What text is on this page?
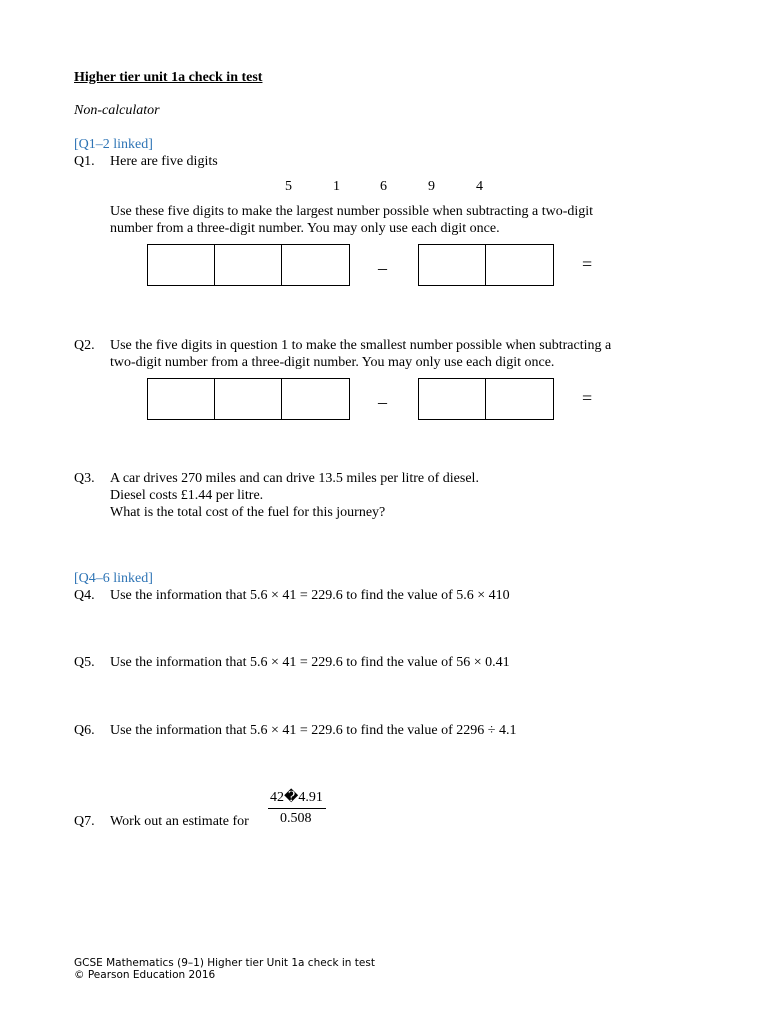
Higher tier unit 1a check in test
Non-calculator
[Q1–2 linked]
Q1. Here are five digits
5	1	6	9	4
Use these five digits to make the largest number possible when subtracting a two-digit
number from a three-digit number. You may only use each digit once.
–	=
Q2. Use the five digits in question 1 to make the smallest number possible when subtracting a
two-digit number from a three-digit number. You may only use each digit once.
–	=
Q3. A car drives 270 miles and can drive 13.5 miles per litre of diesel.
Diesel costs £1.44 per litre.
What is the total cost of the fuel for this journey?
[Q4–6 linked]
Q4. Use the information that 5.6 × 41 = 229.6 to find the value of 5.6 × 410
Q5. Use the information that 5.6 × 41 = 229.6 to find the value of 56 × 0.41
Q6. Use the information that 5.6 × 41 = 229.6 to find the value of 2296 ÷ 4.1
42�4.91
0.508
Q7. Work out an estimate for
GCSE Mathematics (9–1) Higher tier Unit 1a check in test
© Pearson Education 2016
